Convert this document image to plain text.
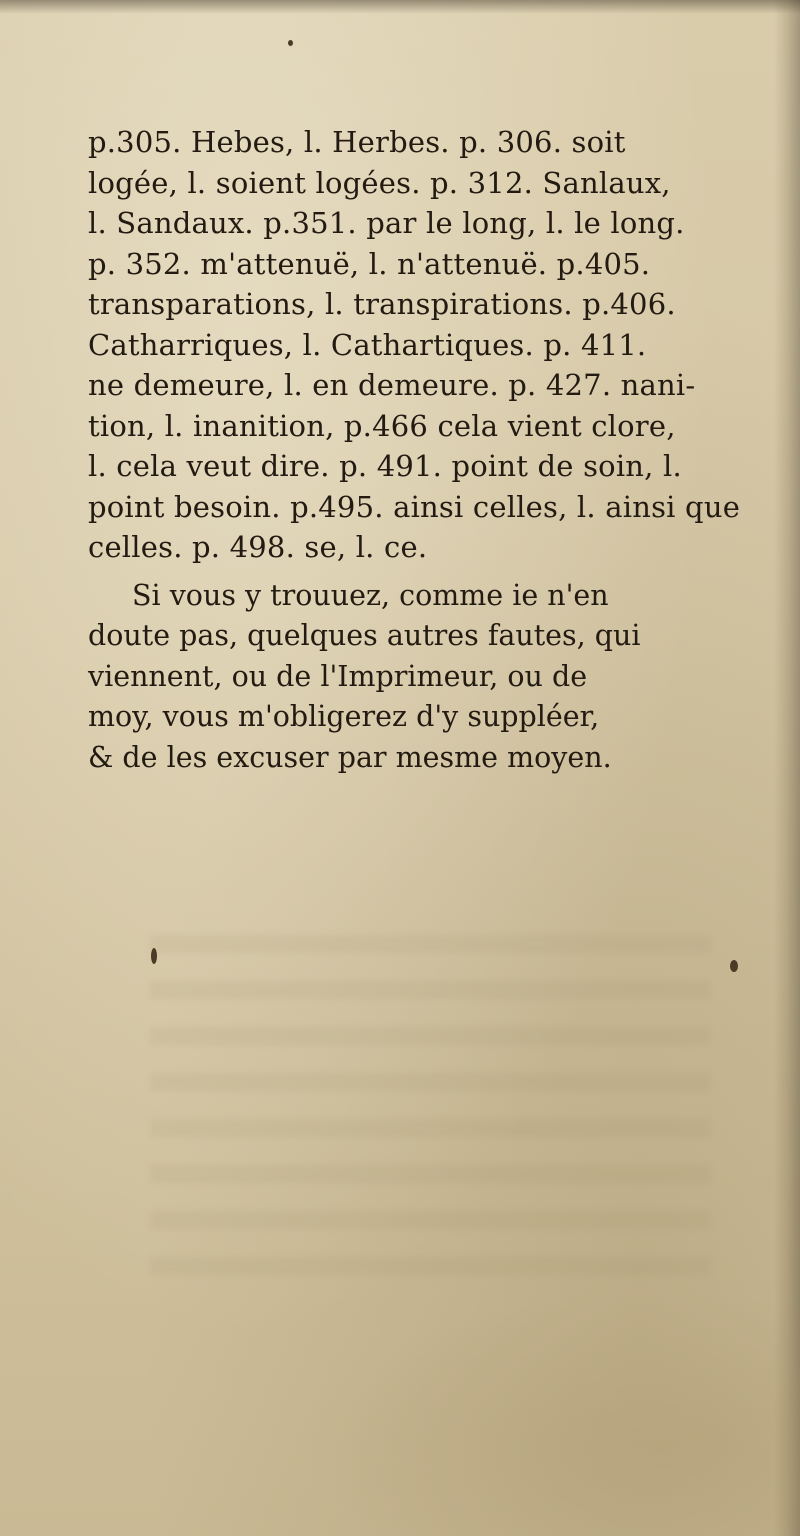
p.305. Hebes, l. Herbes. p. 306. soit

logée, l. soient logées. p. 312. Sanlaux,

l. Sandaux. p.351. par le long, l. le long.

p. 352. m'attenuë, l. n'attenuë. p.405.

transparations, l. transpirations. p.406.

Catharriques, l. Cathartiques. p. 411.

ne demeure, l. en demeure. p. 427. nani-

tion, l. inanition, p.466 cela vient clore,

l. cela veut dire. p. 491. point de soin, l.

point besoin. p.495. ainsi celles, l. ainsi que

celles. p. 498. se, l. ce.

Si vous y trouuez, comme ie n'en

doute pas, quelques autres fautes, qui

viennent, ou de l'Imprimeur, ou de

moy, vous m'obligerez d'y suppléer,

& de les excuser par mesme moyen.
